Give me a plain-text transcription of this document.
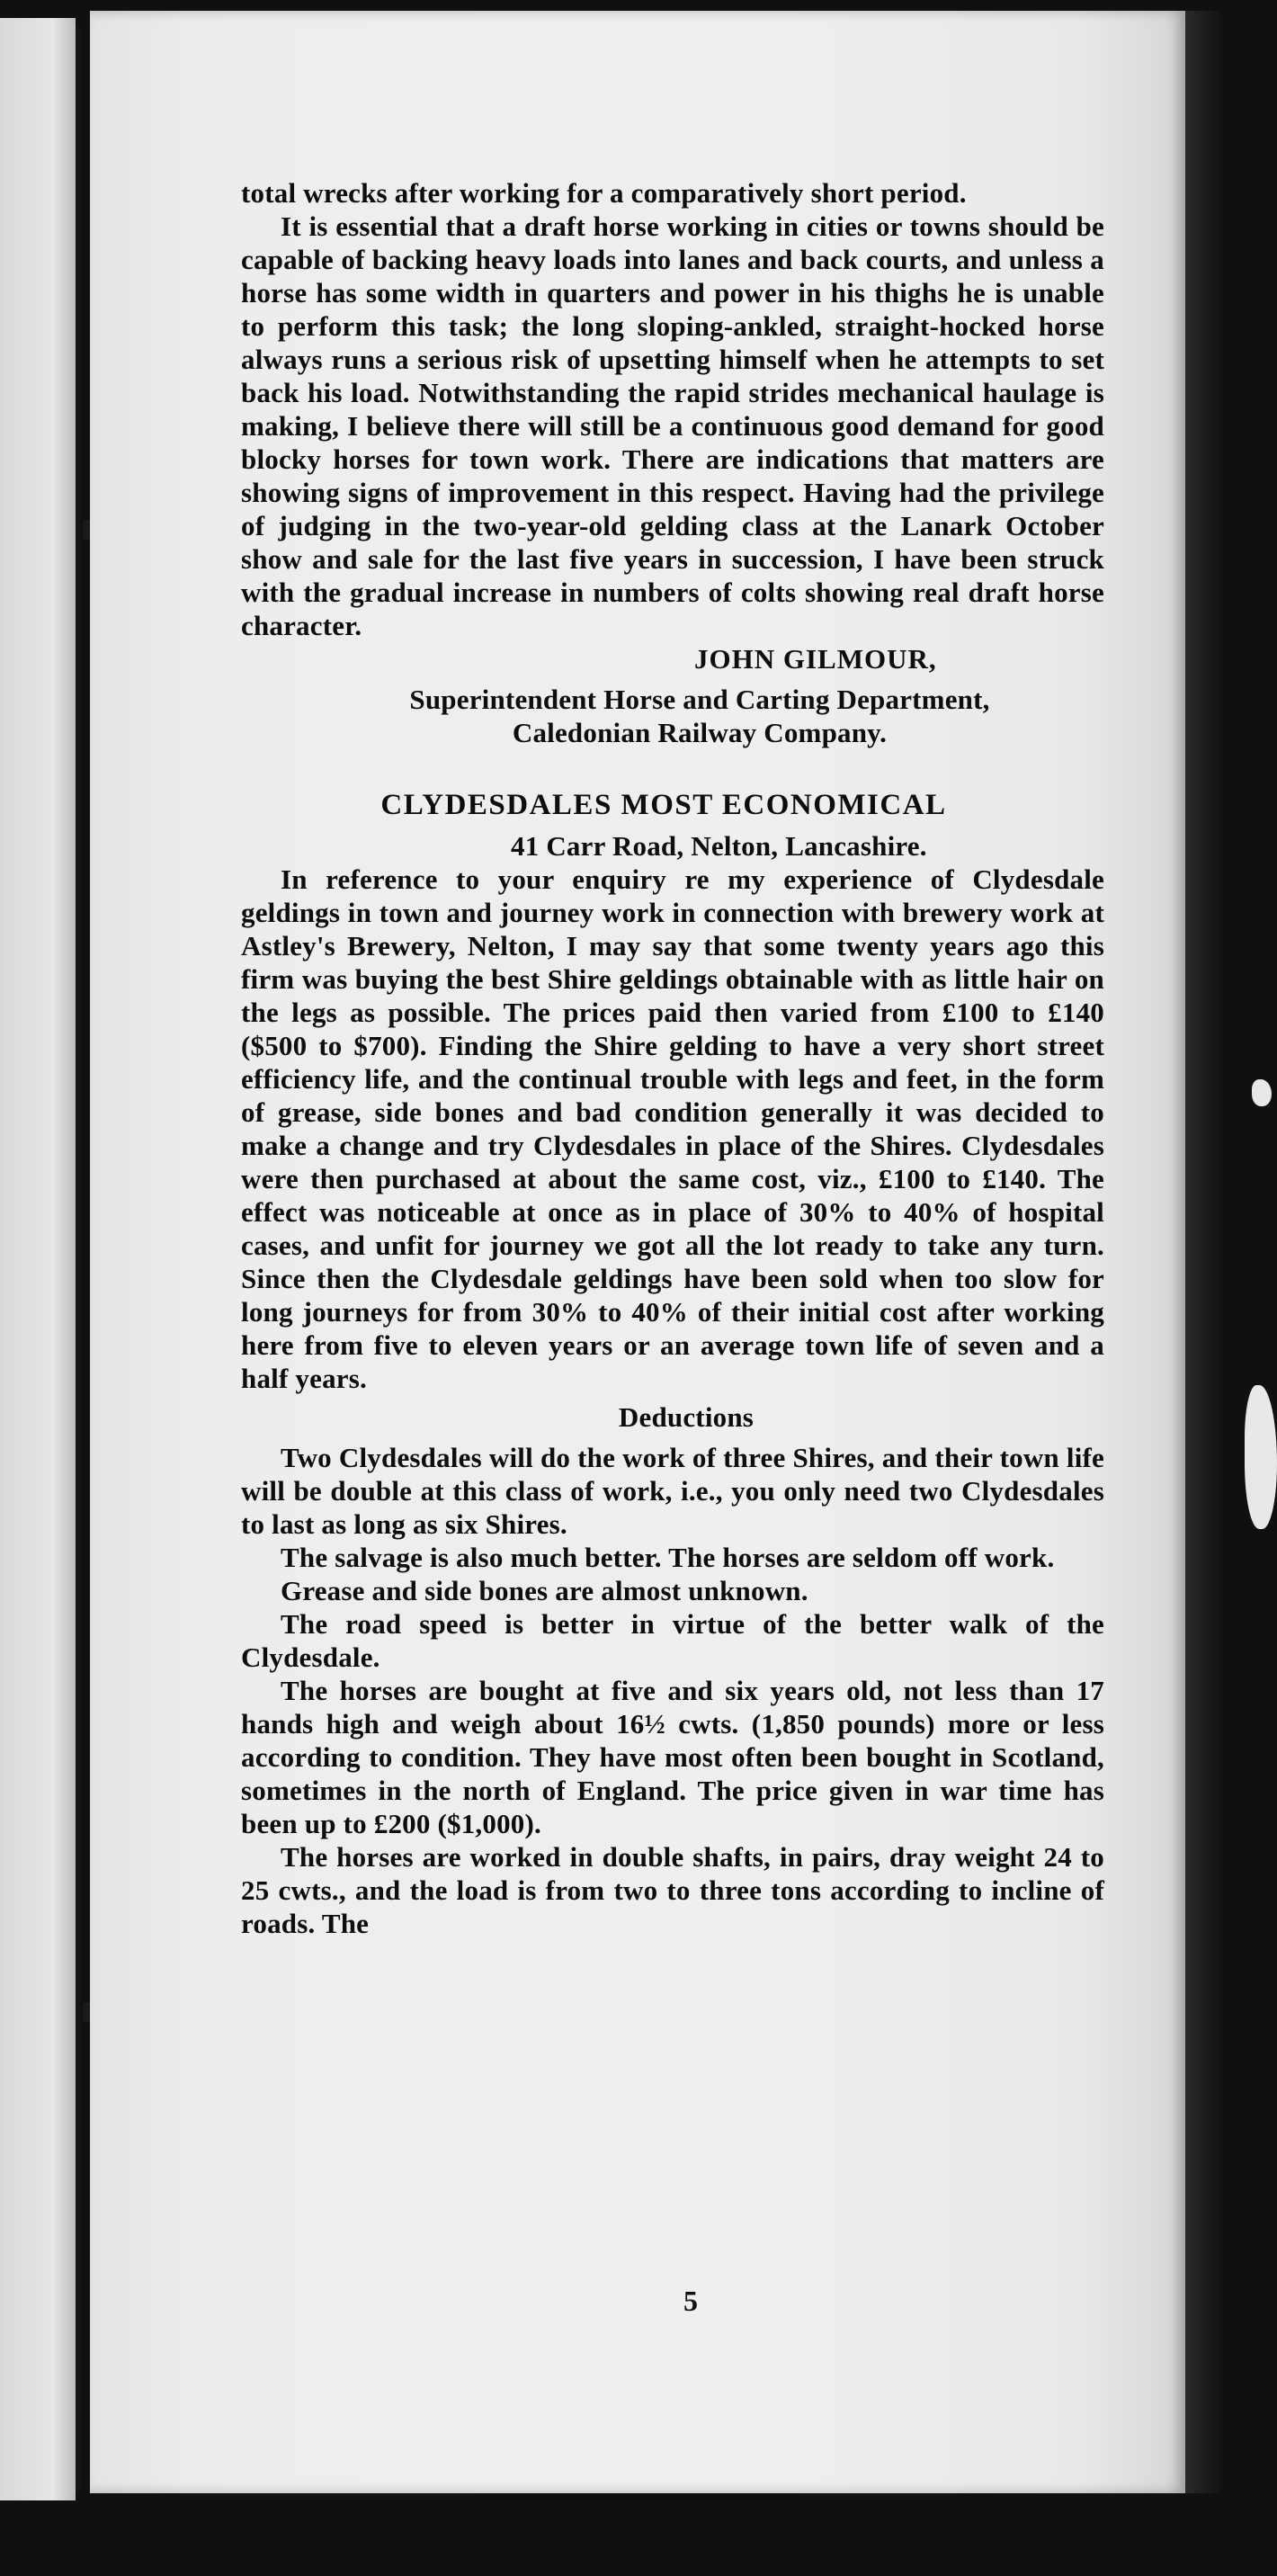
total wrecks after working for a comparatively short period.

It is essential that a draft horse working in cities or towns should be capable of backing heavy loads into lanes and back courts, and unless a horse has some width in quarters and power in his thighs he is unable to perform this task; the long sloping-ankled, straight-hocked horse always runs a serious risk of upsetting himself when he attempts to set back his load. Notwithstanding the rapid strides mechanical haulage is making, I believe there will still be a continuous good demand for good blocky horses for town work. There are indications that matters are showing signs of improvement in this respect. Having had the privilege of judging in the two-year-old gelding class at the Lanark October show and sale for the last five years in succession, I have been struck with the gradual increase in numbers of colts showing real draft horse character.

JOHN GILMOUR,

Superintendent Horse and Carting Department,
Caledonian Railway Company.
CLYDESDALES MOST ECONOMICAL
41 Carr Road, Nelton, Lancashire.

In reference to your enquiry re my experience of Clydesdale geldings in town and journey work in connection with brewery work at Astley's Brewery, Nelton, I may say that some twenty years ago this firm was buying the best Shire geldings obtainable with as little hair on the legs as possible. The prices paid then varied from £100 to £140 ($500 to $700). Finding the Shire gelding to have a very short street efficiency life, and the continual trouble with legs and feet, in the form of grease, side bones and bad condition generally it was decided to make a change and try Clydesdales in place of the Shires. Clydesdales were then purchased at about the same cost, viz., £100 to £140. The effect was noticeable at once as in place of 30% to 40% of hospital cases, and unfit for journey we got all the lot ready to take any turn. Since then the Clydesdale geldings have been sold when too slow for long journeys for from 30% to 40% of their initial cost after working here from five to eleven years or an average town life of seven and a half years.

Deductions

Two Clydesdales will do the work of three Shires, and their town life will be double at this class of work, i.e., you only need two Clydesdales to last as long as six Shires.

The salvage is also much better. The horses are seldom off work.

Grease and side bones are almost unknown.

The road speed is better in virtue of the better walk of the Clydesdale.

The horses are bought at five and six years old, not less than 17 hands high and weigh about 16½ cwts. (1,850 pounds) more or less according to condition. They have most often been bought in Scotland, sometimes in the north of England. The price given in war time has been up to £200 ($1,000).

The horses are worked in double shafts, in pairs, dray weight 24 to 25 cwts., and the load is from two to three tons according to incline of roads. The

5
